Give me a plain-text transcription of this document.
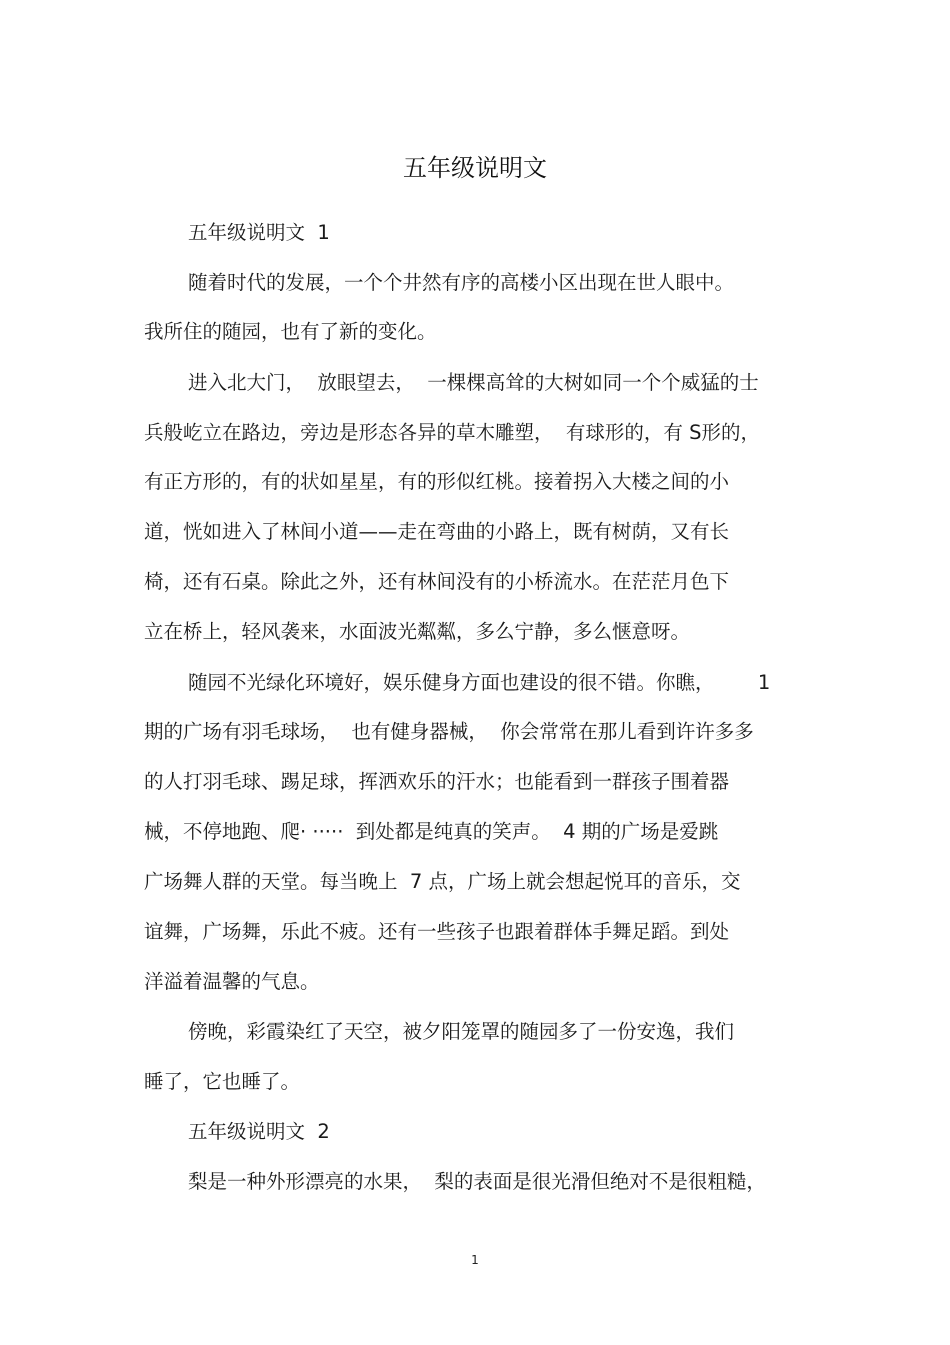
五年级说明文

五年级说明文  1

随着时代的发展，一个个井然有序的高楼小区出现在世人眼中。

我所住的随园，也有了新的变化。

进入北大门，  放眼望去，  一棵棵高耸的大树如同一个个威猛的士

兵般屹立在路边，旁边是形态各异的草木雕塑，  有球形的，有 S形的，

有正方形的，有的状如星星，有的形似红桃。接着拐入大楼之间的小

道，恍如进入了林间小道——走在弯曲的小路上，既有树荫，又有长

椅，还有石桌。除此之外，还有林间没有的小桥流水。在茫茫月色下

立在桥上，轻风袭来，水面波光粼粼，多么宁静，多么惬意呀。

随园不光绿化环境好，娱乐健身方面也建设的很不错。你瞧，       1

期的广场有羽毛球场，  也有健身器械，  你会常常在那儿看到许许多多

的人打羽毛球、踢足球，挥洒欢乐的汗水；也能看到一群孩子围着器

械，不停地跑、爬· ·····  到处都是纯真的笑声。  4 期的广场是爱跳

广场舞人群的天堂。每当晚上  7 点，广场上就会想起悦耳的音乐，交

谊舞，广场舞，乐此不疲。还有一些孩子也跟着群体手舞足蹈。到处

洋溢着温馨的气息。

傍晚，彩霞染红了天空，被夕阳笼罩的随园多了一份安逸，我们

睡了，它也睡了。

五年级说明文  2

梨是一种外形漂亮的水果，  梨的表面是很光滑但绝对不是很粗糙，

1
